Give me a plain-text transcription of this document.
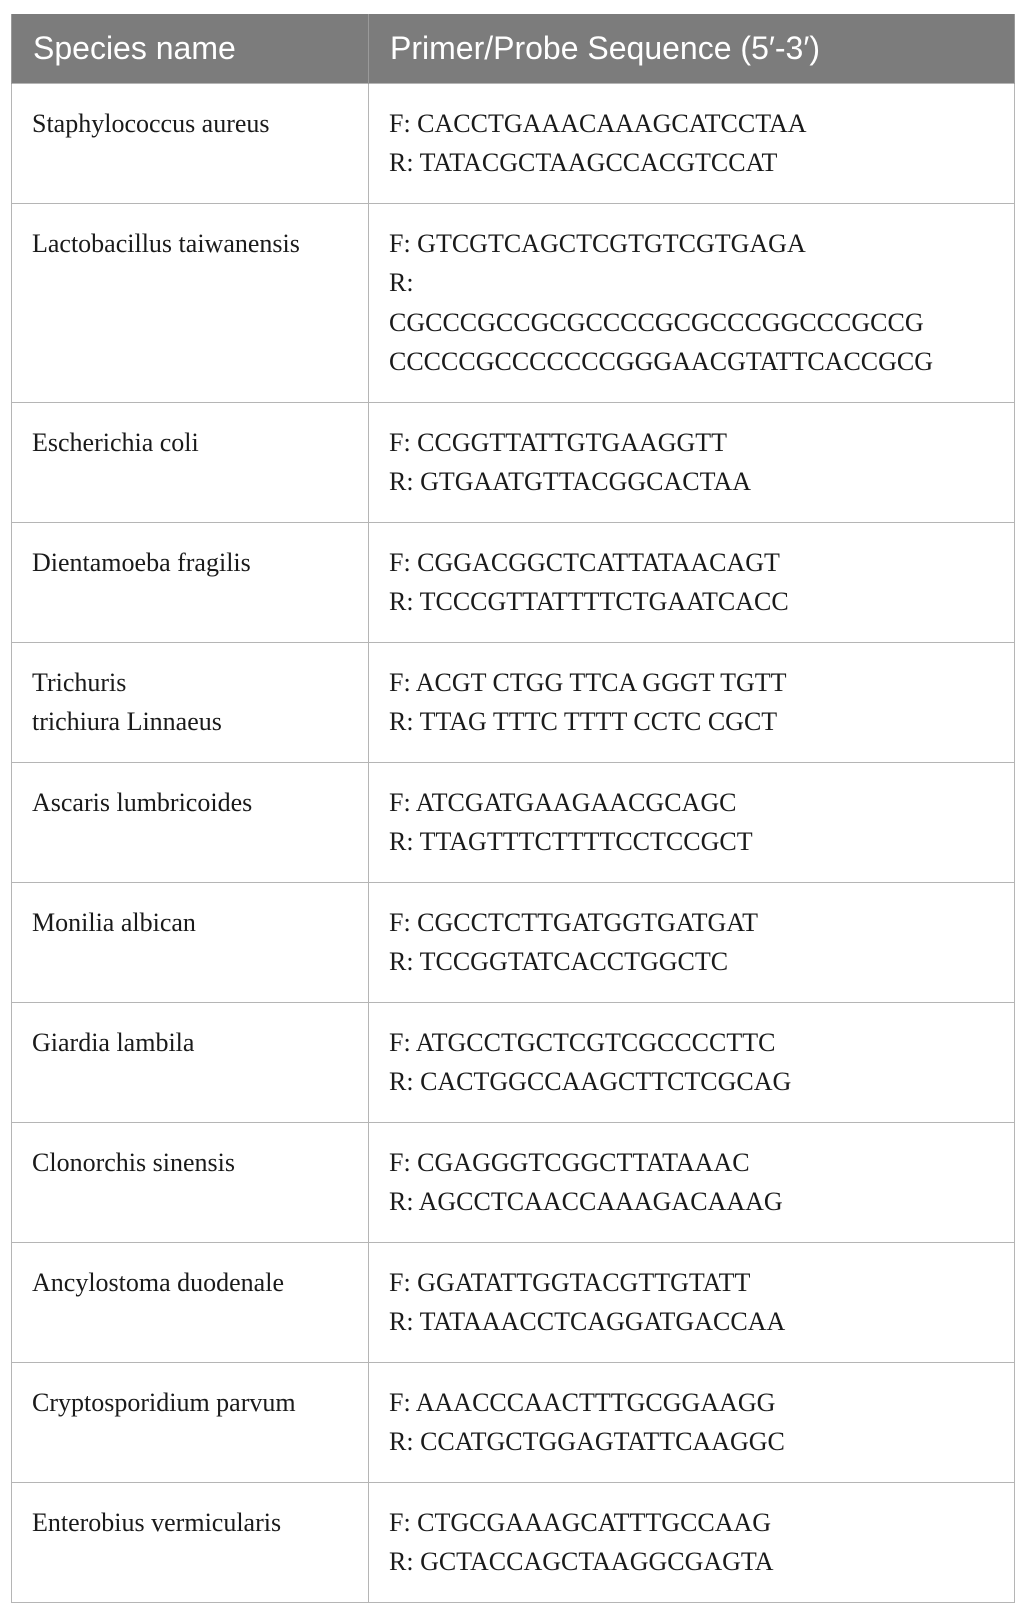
Species name	Primer/Probe Sequence (5′-3′)

Staphylococcus aureus	F: CACCTGAAACAAAGCATCCTAA
R: TATACGCTAAGCCACGTCCAT

Lactobacillus taiwanensis	F: GTCGTCAGCTCGTGTCGTGAGA
R:
CGCCCGCCGCGCCCCGCGCCCGGCCCGCCG
CCCCCGCCCCCCCGGGAACGTATTCACCGCG

Escherichia coli	F: CCGGTTATTGTGAAGGTT
R: GTGAATGTTACGGCACTAA

Dientamoeba fragilis	F: CGGACGGCTCATTATAACAGT
R: TCCCGTTATTTTCTGAATCACC

Trichuris
trichiura Linnaeus	F: ACGT CTGG TTCA GGGT TGTT
R: TTAG TTTC TTTT CCTC CGCT

Ascaris lumbricoides	F: ATCGATGAAGAACGCAGC
R: TTAGTTTCTTTTCCTCCGCT

Monilia albican	F: CGCCTCTTGATGGTGATGAT
R: TCCGGTATCACCTGGCTC

Giardia lambila	F: ATGCCTGCTCGTCGCCCCTTC
R: CACTGGCCAAGCTTCTCGCAG

Clonorchis sinensis	F: CGAGGGTCGGCTTATAAAC
R: AGCCTCAACCAAAGACAAAG

Ancylostoma duodenale	F: GGATATTGGTACGTTGTATT
R: TATAAACCTCAGGATGACCAA

Cryptosporidium parvum	F: AAACCCAACTTTGCGGAAGG
R: CCATGCTGGAGTATTCAAGGC

Enterobius vermicularis	F: CTGCGAAAGCATTTGCCAAG
R: GCTACCAGCTAAGGCGAGTA
